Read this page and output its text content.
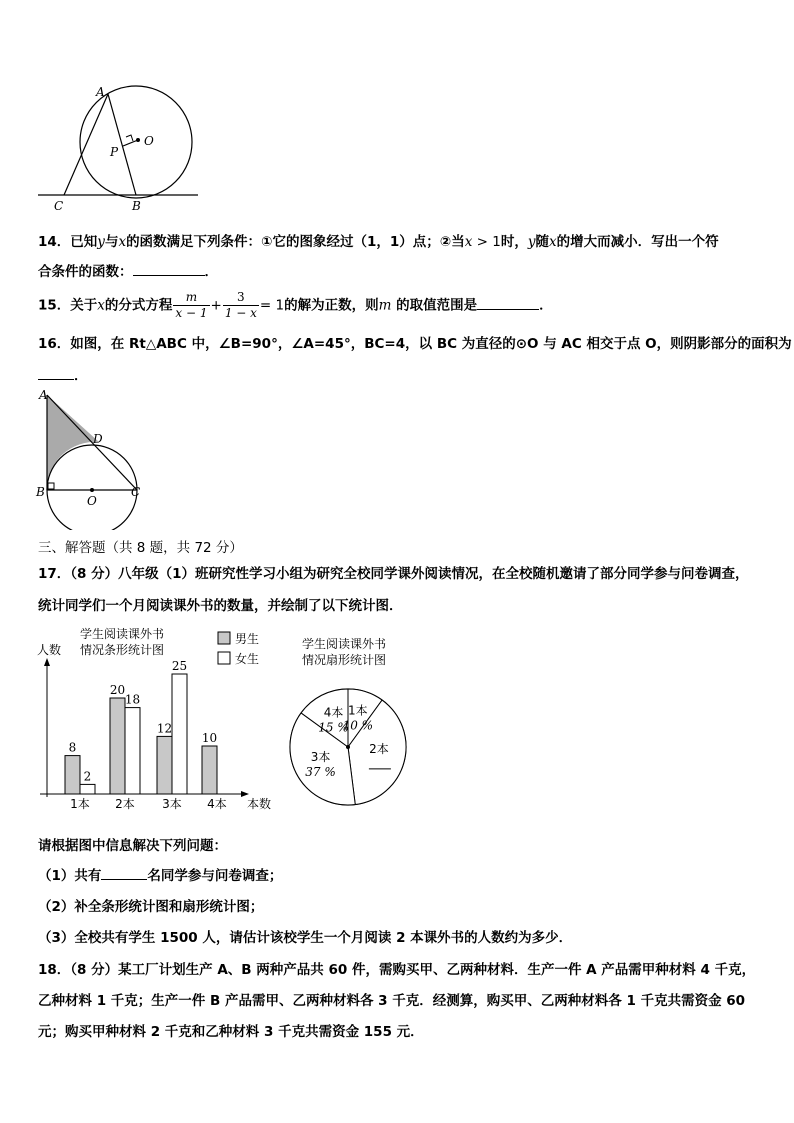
A
O
P
C	B
14．已知y与x的函数满足下列条件：①它的图象经过（1，1）点；②当x > 1时，y随x的增大而减小．写出一个符
合条件的函数：	．
15．关于x的分式方程 $\frac{m}{x - 1} + \frac{3}{1 - x} = 1$的解为正数，则m 的取值范围是	．
16．如图，在 Rt△ABC 中，∠B=90°，∠A=45°，BC=4，以 BC 为直径的⊙O 与 AC 相交于点 O，则阴影部分的面积为
．
A
D
B
O
C
三、解答题（共 8 题，共 72 分）
17．（8 分）八年级（1）班研究性学习小组为研究全校同学课外阅读情况，在全校随机邀请了部分同学参与问卷调查，
统计同学们一个月阅读课外书的数量，并绘制了以下统计图．
学生阅读课外书
情况条形统计图
人数
本数
8
2
1本
20
18
2本
12
25
3本
10
4本
男生
女生
学生阅读课外书
情况扇形统计图
1本
10 %
2本
3本
37 %
4本
15 %
请根据图中信息解决下列问题：
（1）共有	名同学参与问卷调查；
（2）补全条形统计图和扇形统计图；
（3）全校共有学生 1500 人，请估计该校学生一个月阅读 2 本课外书的人数约为多少．
18．（8 分）某工厂计划生产 A、B 两种产品共 60 件，需购买甲、乙两种材料．生产一件 A 产品需甲种材料 4 千克，
乙种材料 1 千克；生产一件 B 产品需甲、乙两种材料各 3 千克．经测算，购买甲、乙两种材料各 1 千克共需资金 60
元；购买甲种材料 2 千克和乙种材料 3 千克共需资金 155 元．
